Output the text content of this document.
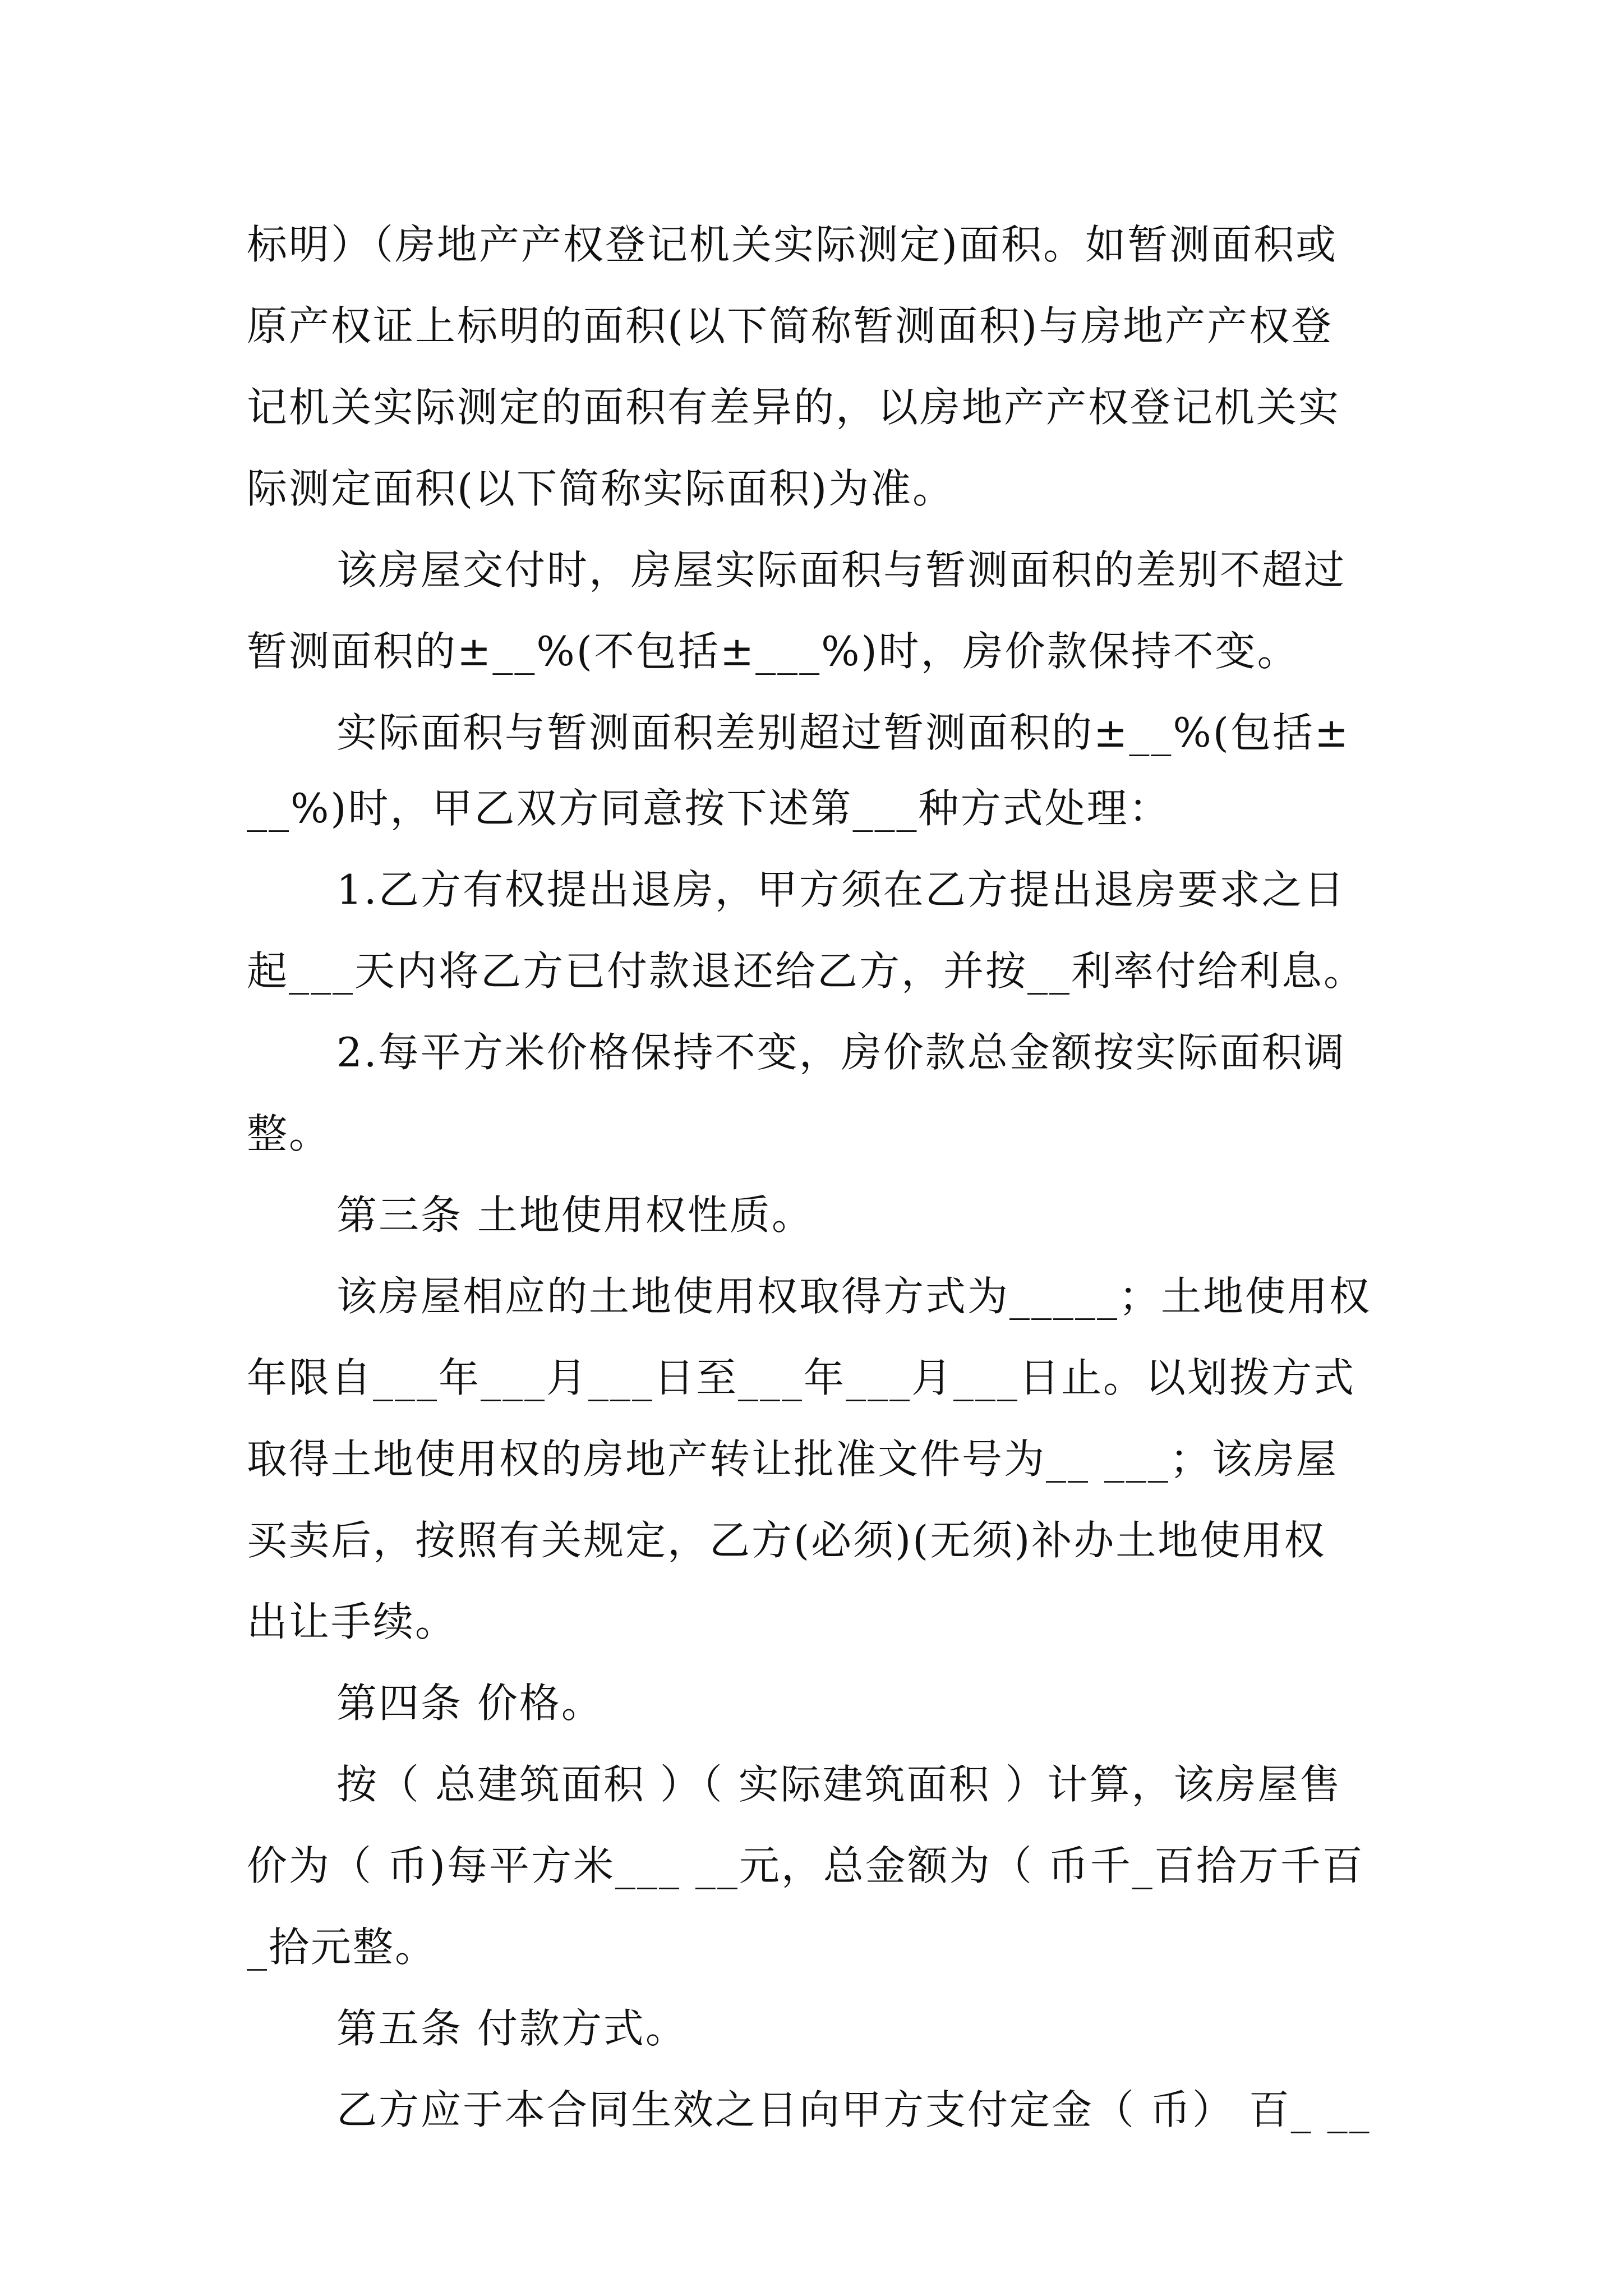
标明）（房地产产权登记机关实际测定)面积。如暂测面积或
原产权证上标明的面积(以下简称暂测面积)与房地产产权登
记机关实际测定的面积有差异的，以房地产产权登记机关实
际测定面积(以下简称实际面积)为准。
该房屋交付时，房屋实际面积与暂测面积的差别不超过
暂测面积的±__%(不包括±___%)时，房价款保持不变。
实际面积与暂测面积差别超过暂测面积的±__%(包括±
__%)时，甲乙双方同意按下述第___种方式处理：
1.乙方有权提出退房，甲方须在乙方提出退房要求之日
起___天内将乙方已付款退还给乙方，并按__利率付给利息。
2.每平方米价格保持不变，房价款总金额按实际面积调
整。
第三条 土地使用权性质。
该房屋相应的土地使用权取得方式为_____；土地使用权
年限自___年___月___日至___年___月___日止。以划拨方式
取得土地使用权的房地产转让批准文件号为__ ___；该房屋
买卖后，按照有关规定，乙方(必须)(无须)补办土地使用权
出让手续。
第四条 价格。
按（ 总建筑面积 ）（ 实际建筑面积 ）计算，该房屋售
价为（ 币)每平方米___ __元，总金额为（ 币千_百拾万千百
_拾元整。
第五条 付款方式。
乙方应于本合同生效之日向甲方支付定金（ 币） 百_ __
